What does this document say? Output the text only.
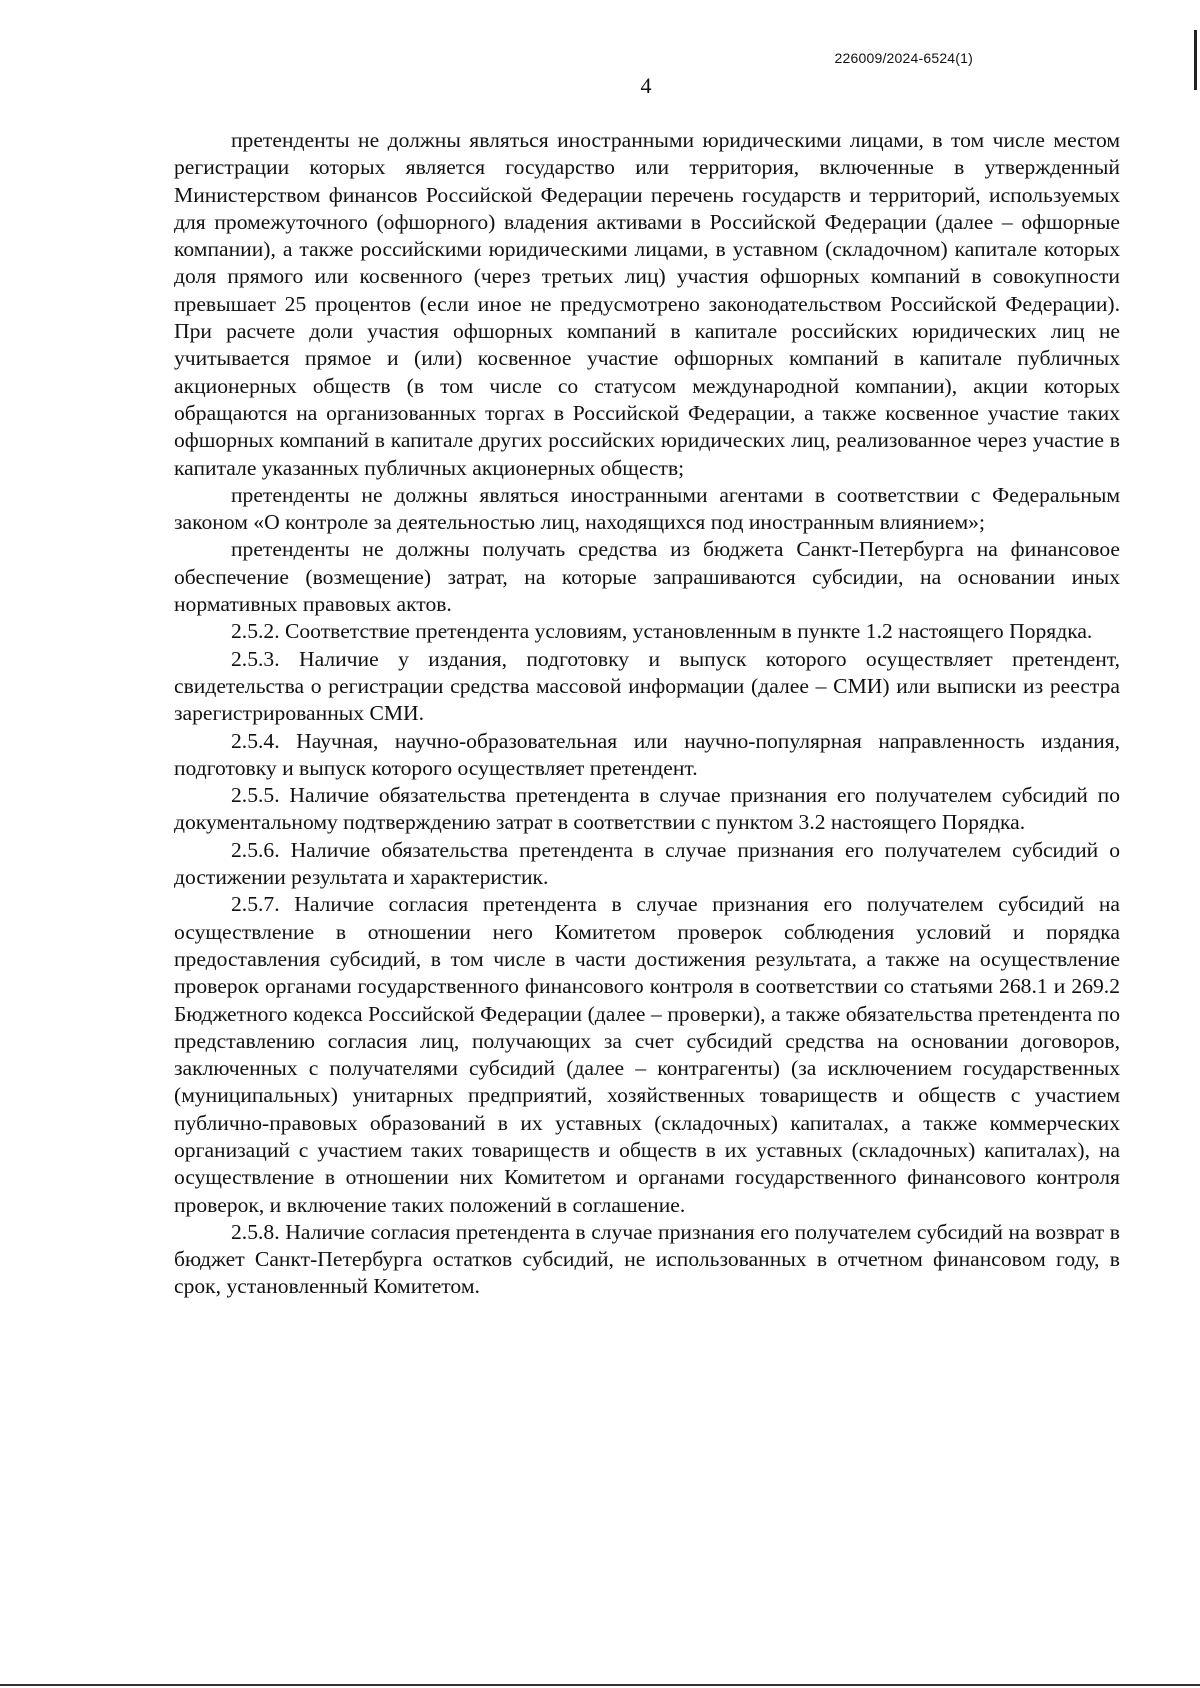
226009/2024-6524(1)
4

претенденты не должны являться иностранными юридическими лицами, в том числе местом регистрации которых является государство или территория, включенные в утвержденный Министерством финансов Российской Федерации перечень государств и территорий, используемых для промежуточного (офшорного) владения активами в Российской Федерации (далее – офшорные компании), а также российскими юридическими лицами, в уставном (складочном) капитале которых доля прямого или косвенного (через третьих лиц) участия офшорных компаний в совокупности превышает 25 процентов (если иное не предусмотрено законодательством Российской Федерации). При расчете доли участия офшорных компаний в капитале российских юридических лиц не учитывается прямое и (или) косвенное участие офшорных компаний в капитале публичных акционерных обществ (в том числе со статусом международной компании), акции которых обращаются на организованных торгах в Российской Федерации, а также косвенное участие таких офшорных компаний в капитале других российских юридических лиц, реализованное через участие в капитале указанных публичных акционерных обществ;

претенденты не должны являться иностранными агентами в соответствии с Федеральным законом «О контроле за деятельностью лиц, находящихся под иностранным влиянием»;

претенденты не должны получать средства из бюджета Санкт-Петербурга на финансовое обеспечение (возмещение) затрат, на которые запрашиваются субсидии, на основании иных нормативных правовых актов.

2.5.2. Соответствие претендента условиям, установленным в пункте 1.2 настоящего Порядка.

2.5.3. Наличие у издания, подготовку и выпуск которого осуществляет претендент, свидетельства о регистрации средства массовой информации (далее – СМИ) или выписки из реестра зарегистрированных СМИ.

2.5.4. Научная, научно-образовательная или научно-популярная направленность издания, подготовку и выпуск которого осуществляет претендент.

2.5.5. Наличие обязательства претендента в случае признания его получателем субсидий по документальному подтверждению затрат в соответствии с пунктом 3.2 настоящего Порядка.

2.5.6. Наличие обязательства претендента в случае признания его получателем субсидий о достижении результата и характеристик.

2.5.7. Наличие согласия претендента в случае признания его получателем субсидий на осуществление в отношении него Комитетом проверок соблюдения условий и порядка предоставления субсидий, в том числе в части достижения результата, а также на осуществление проверок органами государственного финансового контроля в соответствии со статьями 268.1 и 269.2 Бюджетного кодекса Российской Федерации (далее – проверки), а также обязательства претендента по представлению согласия лиц, получающих за счет субсидий средства на основании договоров, заключенных с получателями субсидий (далее – контрагенты) (за исключением государственных (муниципальных) унитарных предприятий, хозяйственных товариществ и обществ с участием публично-правовых образований в их уставных (складочных) капиталах, а также коммерческих организаций с участием таких товариществ и обществ в их уставных (складочных) капиталах), на осуществление в отношении них Комитетом и органами государственного финансового контроля проверок, и включение таких положений в соглашение.

2.5.8. Наличие согласия претендента в случае признания его получателем субсидий на возврат в бюджет Санкт-Петербурга остатков субсидий, не использованных в отчетном финансовом году, в срок, установленный Комитетом.
